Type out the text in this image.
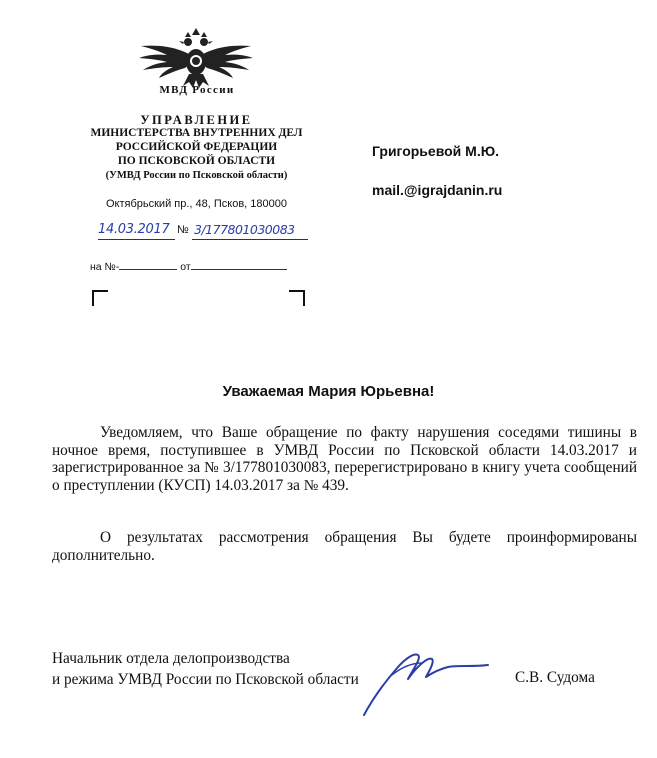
МВД России
УПРАВЛЕНИЕ
МИНИСТЕРСТВА ВНУТРЕННИХ ДЕЛ
РОССИЙСКОЙ ФЕДЕРАЦИИ
ПО ПСКОВСКОЙ ОБЛАСТИ
(УМВД России по Псковской области)
Октябрьский пр., 48, Псков, 180000
14.03.2017 № 3/177801030083
на №-	от
Григорьевой М.Ю.
mail.@igrajdanin.ru
Уважаемая Мария Юрьевна!
Уведомляем, что Ваше обращение по факту нарушения соседями тишины в ночное время, поступившее в УМВД России по Псковской области 14.03.2017 и зарегистрированное за № 3/177801030083, перерегистрировано в книгу учета сообщений о преступлении (КУСП) 14.03.2017 за № 439.
О результатах рассмотрения обращения Вы будете проинформированы дополнительно.
Начальник отдела делопроизводства
и режима УМВД России по Псковской области	С.В. Судома
